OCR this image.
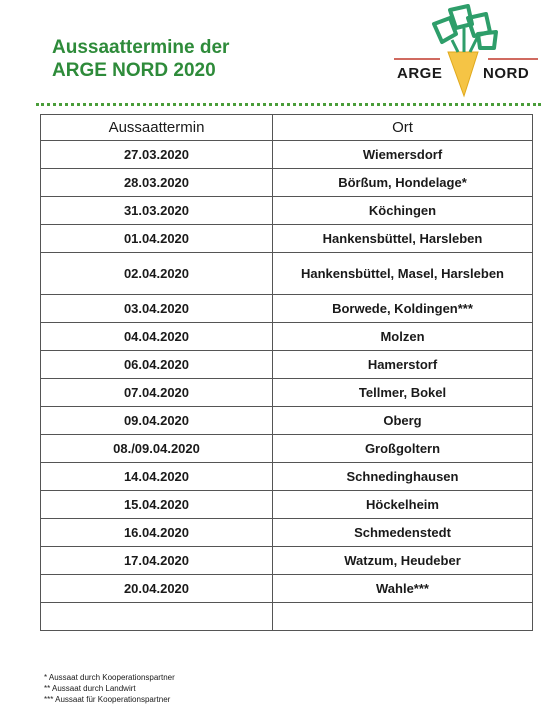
Aussaattermine der
ARGE NORD 2020	ARGE	NORD
Aussaattermin	Ort
27.03.2020	Wiemersdorf
28.03.2020	Börßum, Hondelage*
31.03.2020	Köchingen
01.04.2020	Hankensbüttel, Harsleben
02.04.2020	Hankensbüttel, Masel, Harsleben
03.04.2020	Borwede, Koldingen***
04.04.2020	Molzen
06.04.2020	Hamerstorf
07.04.2020	Tellmer, Bokel
09.04.2020	Oberg
08./09.04.2020	Großgoltern
14.04.2020	Schnedinghausen
15.04.2020	Höckelheim
16.04.2020	Schmedenstedt
17.04.2020	Watzum, Heudeber
20.04.2020	Wahle***

* Aussaat durch Kooperationspartner
** Aussaat durch Landwirt
*** Aussaat für Kooperationspartner
